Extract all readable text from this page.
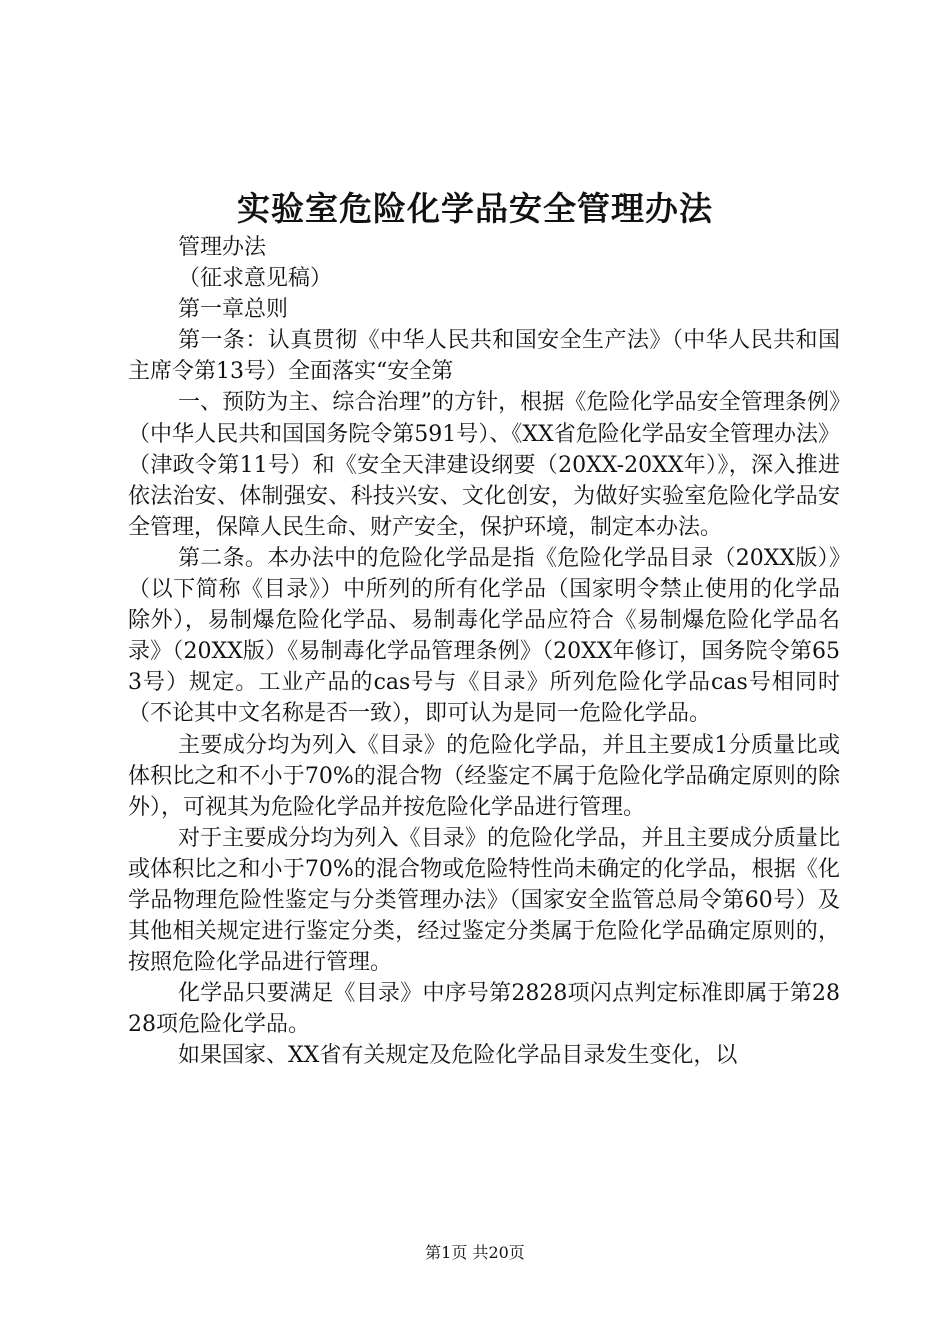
实验室危险化学品安全管理办法

管理办法

（征求意见稿）

第一章总则

第一条：认真贯彻《中华人民共和国安全生产法》（中华人民共和国主席令第13号）全面落实“安全第

一、预防为主、综合治理”的方针，根据《危险化学品安全管理条例》（中华人民共和国国务院令第591号）、《XX省危险化学品安全管理办法》（津政令第11号）和《安全天津建设纲要（20XX-20XX年）》，深入推进依法治安、体制强安、科技兴安、文化创安，为做好实验室危险化学品安全管理，保障人民生命、财产安全，保护环境，制定本办法。

第二条。本办法中的危险化学品是指《危险化学品目录（20XX版）》（以下简称《目录》）中所列的所有化学品（国家明令禁止使用的化学品除外），易制爆危险化学品、易制毒化学品应符合《易制爆危险化学品名录》（20XX版）《易制毒化学品管理条例》（20XX年修订，国务院令第653号）规定。工业产品的cas号与《目录》所列危险化学品cas号相同时（不论其中文名称是否一致），即可认为是同一危险化学品。

主要成分均为列入《目录》的危险化学品，并且主要成1分质量比或体积比之和不小于70%的混合物（经鉴定不属于危险化学品确定原则的除外），可视其为危险化学品并按危险化学品进行管理。

对于主要成分均为列入《目录》的危险化学品，并且主要成分质量比或体积比之和小于70%的混合物或危险特性尚未确定的化学品，根据《化学品物理危险性鉴定与分类管理办法》（国家安全监管总局令第60号）及其他相关规定进行鉴定分类，经过鉴定分类属于危险化学品确定原则的，按照危险化学品进行管理。

化学品只要满足《目录》中序号第2828项闪点判定标准即属于第2828项危险化学品。

如果国家、XX省有关规定及危险化学品目录发生变化，以

第1页 共20页
